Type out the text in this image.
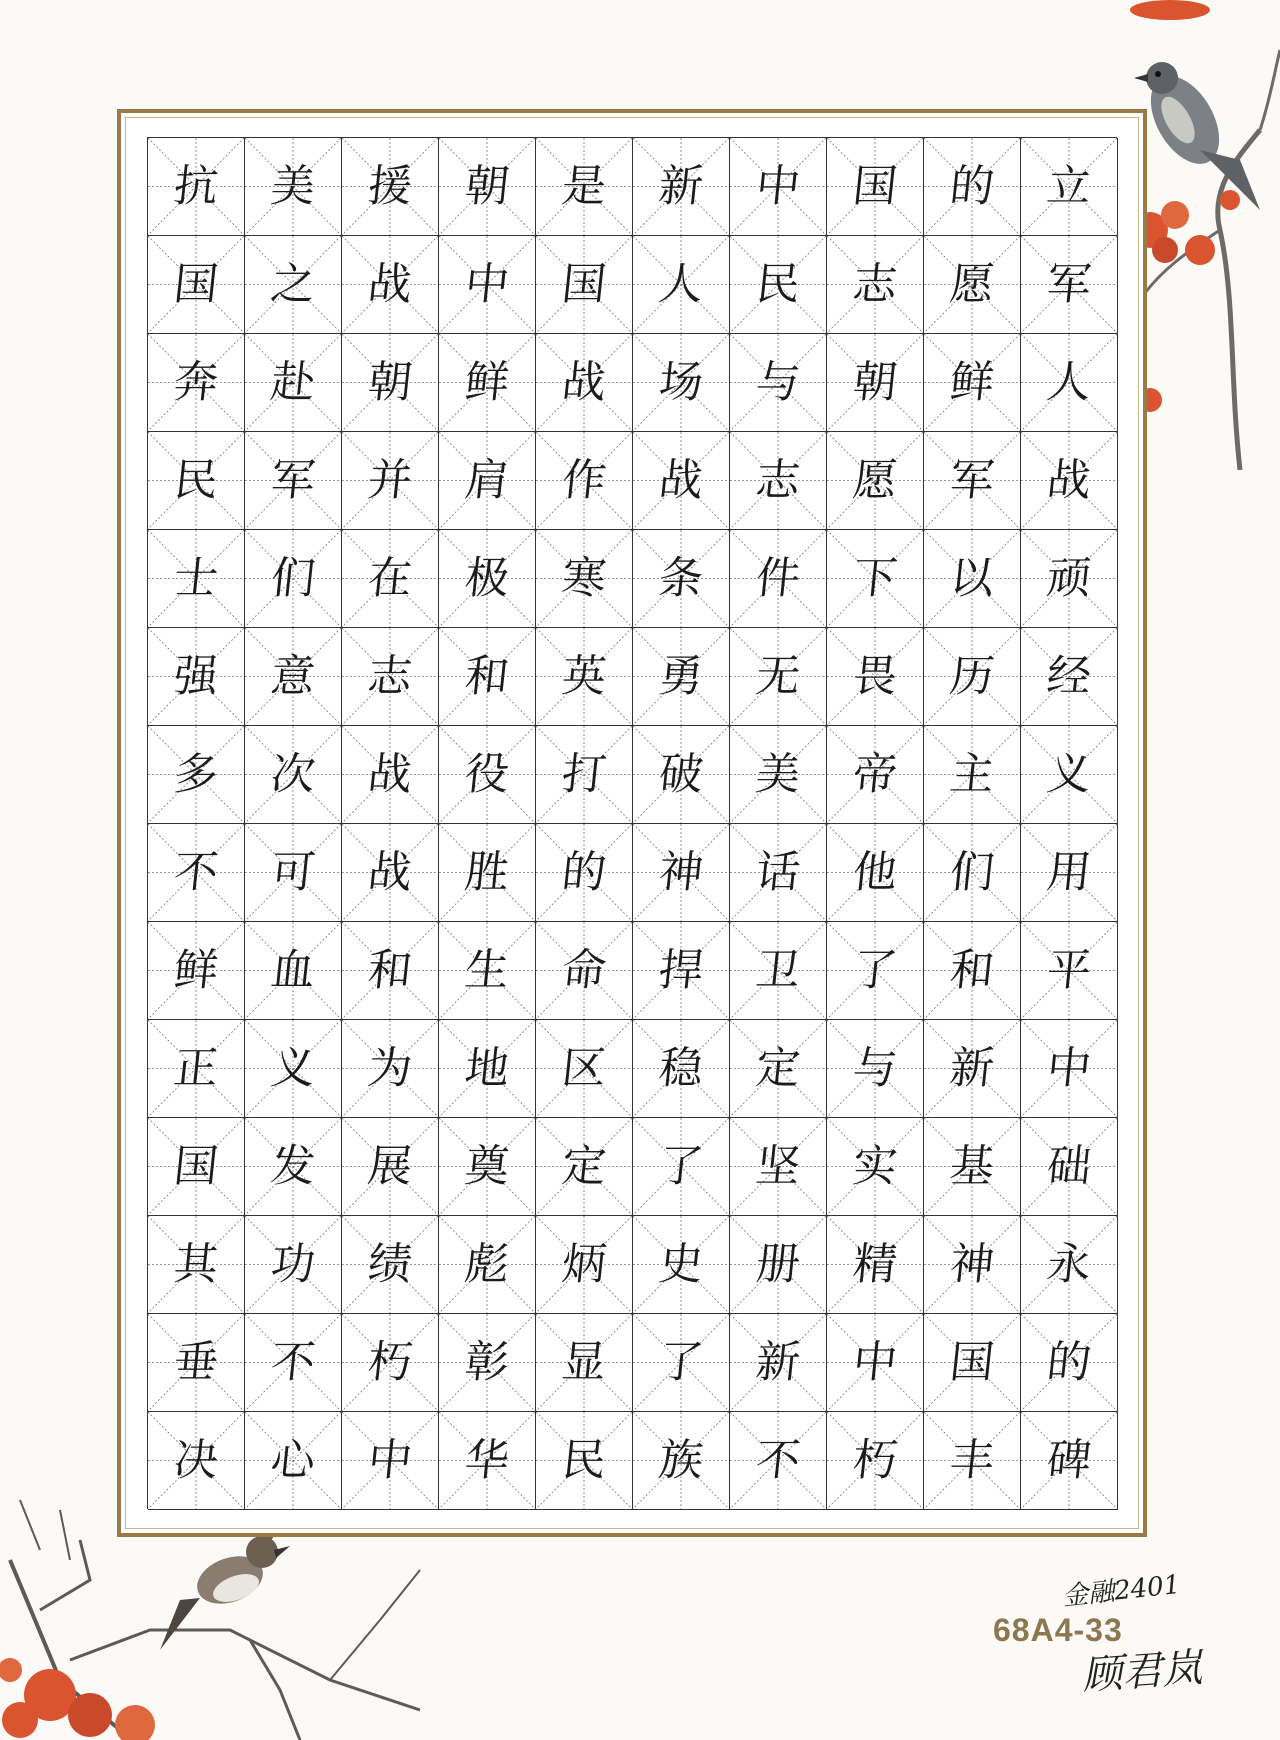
抗 美 援 朝 是 新 中 国 的 立
国 之 战 中 国 人 民 志 愿 军
奔 赴 朝 鲜 战 场 与 朝 鲜 人
民 军 并 肩 作 战 志 愿 军 战
士 们 在 极 寒 条 件 下 以 顽
强 意 志 和 英 勇 无 畏 历 经
多 次 战 役 打 破 美 帝 主 义
不 可 战 胜 的 神 话 他 们 用
鲜 血 和 生 命 捍 卫 了 和 平
正 义 为 地 区 稳 定 与 新 中
国 发 展 奠 定 了 坚 实 基 础
其 功 绩 彪 炳 史 册 精 神 永
垂 不 朽 彰 显 了 新 中 国 的
决 心 中 华 民 族 不 朽 丰 碑
金融2401
68A4-33
顾君岚
